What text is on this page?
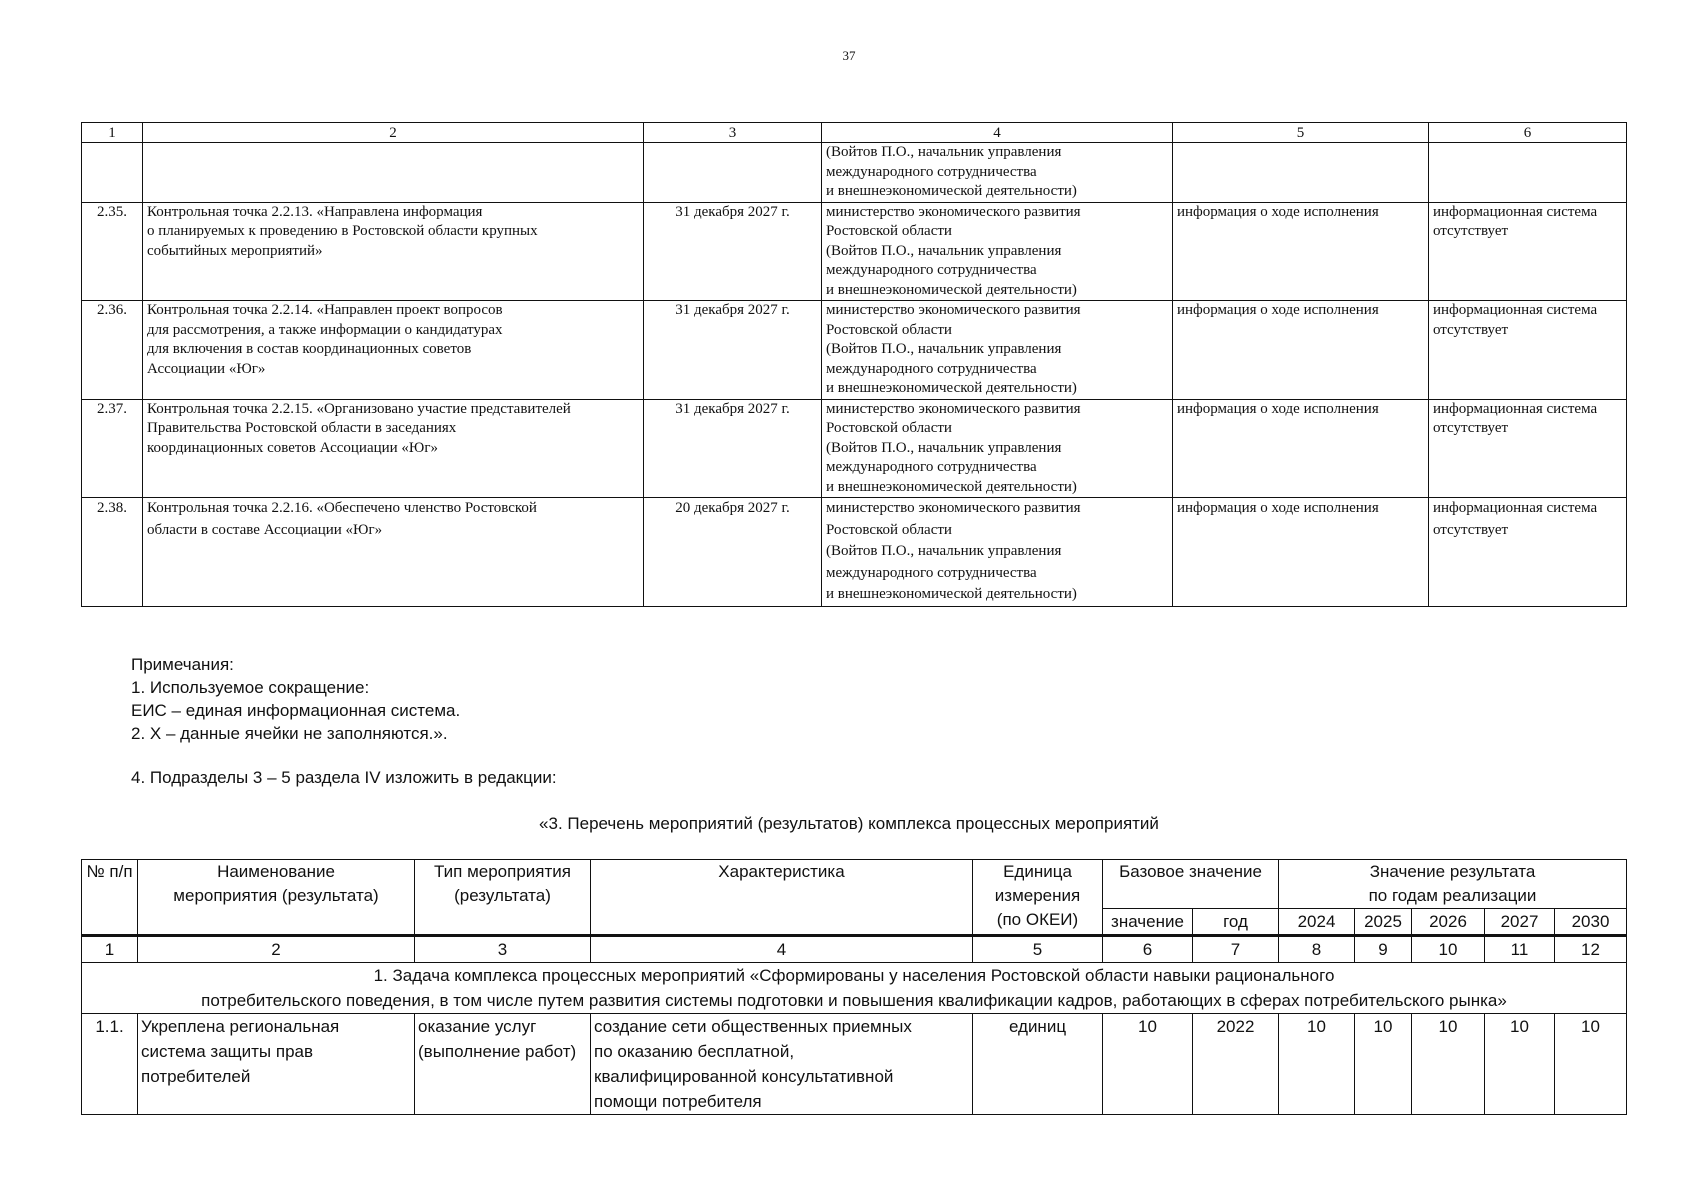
37
1	2	3	4	5	6

			(Войтов П.О., начальник управления
международного сотрудничества
и внешнеэкономической деятельности)		

2.35.	Контрольная точка 2.2.13. «Направлена информация
о планируемых к проведению в Ростовской области крупных
событийных мероприятий»	31 декабря 2027 г.	министерство экономического развития
Ростовской области
(Войтов П.О., начальник управления
международного сотрудничества
и внешнеэкономической деятельности)	информация о ходе исполнения	информационная система
отсутствует

2.36.	Контрольная точка 2.2.14. «Направлен проект вопросов
для рассмотрения, а также информации о кандидатурах
для включения в состав координационных советов
Ассоциации «Юг»	31 декабря 2027 г.	министерство экономического развития
Ростовской области
(Войтов П.О., начальник управления
международного сотрудничества
и внешнеэкономической деятельности)	информация о ходе исполнения	информационная система
отсутствует

2.37.	Контрольная точка 2.2.15. «Организовано участие представителей
Правительства Ростовской области в заседаниях
координационных советов Ассоциации «Юг»	31 декабря 2027 г.	министерство экономического развития
Ростовской области
(Войтов П.О., начальник управления
международного сотрудничества
и внешнеэкономической деятельности)	информация о ходе исполнения	информационная система
отсутствует

2.38.	Контрольная точка 2.2.16. «Обеспечено членство Ростовской
области в составе Ассоциации «Юг»	20 декабря 2027 г.	министерство экономического развития
Ростовской области
(Войтов П.О., начальник управления
международного сотрудничества
и внешнеэкономической деятельности)	информация о ходе исполнения	информационная система
отсутствует
Примечания:
1. Используемое сокращение:
ЕИС – единая информационная система.
2. Х – данные ячейки не заполняются.».
4. Подразделы 3 – 5 раздела IV изложить в редакции:
«3. Перечень мероприятий (результатов) комплекса процессных мероприятий
№ п/п	Наименование
мероприятия (результата)	Тип мероприятия
(результата)	Характеристика	Единица
измерения
(по ОКЕИ)	Базовое значение		Значение результата
по годам реализации				

					значение	год	2024	2025	2026	2027	2030
1	2	3	4	5	6	7	8	9	10	11	12

1. Задача комплекса процессных мероприятий «Сформированы у населения Ростовской области навыки рационального
потребительского поведения, в том числе путем развития системы подготовки и повышения квалификации кадров, работающих в сферах потребительского рынка»											

1.1.	Укреплена региональная
система защиты прав
потребителей	оказание услуг
(выполнение работ)	создание сети общественных приемных
по оказанию бесплатной,
квалифицированной консультативной
помощи потребителя	единиц	10	2022	10	10	10	10	10
